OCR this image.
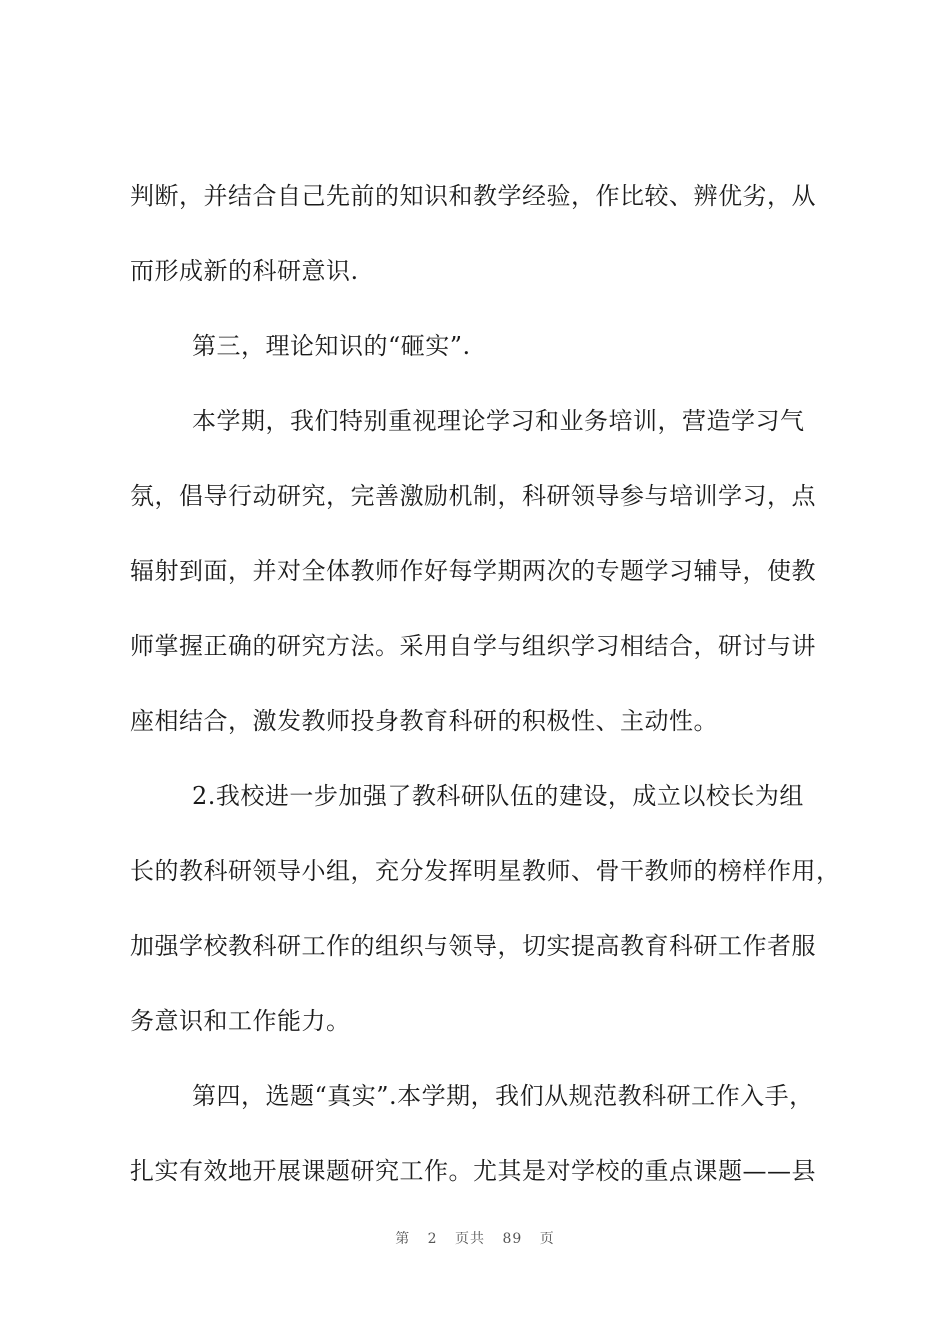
判断，并结合自己先前的知识和教学经验，作比较、辨优劣，从
而形成新的科研意识.
第三，理论知识的“砸实”.
本学期，我们特别重视理论学习和业务培训，营造学习气
氛，倡导行动研究，完善激励机制，科研领导参与培训学习，点
辐射到面，并对全体教师作好每学期两次的专题学习辅导，使教
师掌握正确的研究方法。采用自学与组织学习相结合，研讨与讲
座相结合，激发教师投身教育科研的积极性、主动性。
2.我校进一步加强了教科研队伍的建设，成立以校长为组
长的教科研领导小组，充分发挥明星教师、骨干教师的榜样作用，
加强学校教科研工作的组织与领导，切实提高教育科研工作者服
务意识和工作能力。
第四，选题“真实”.本学期，我们从规范教科研工作入手，
扎实有效地开展课题研究工作。尤其是对学校的重点课题——县
第 2 页共 89 页
